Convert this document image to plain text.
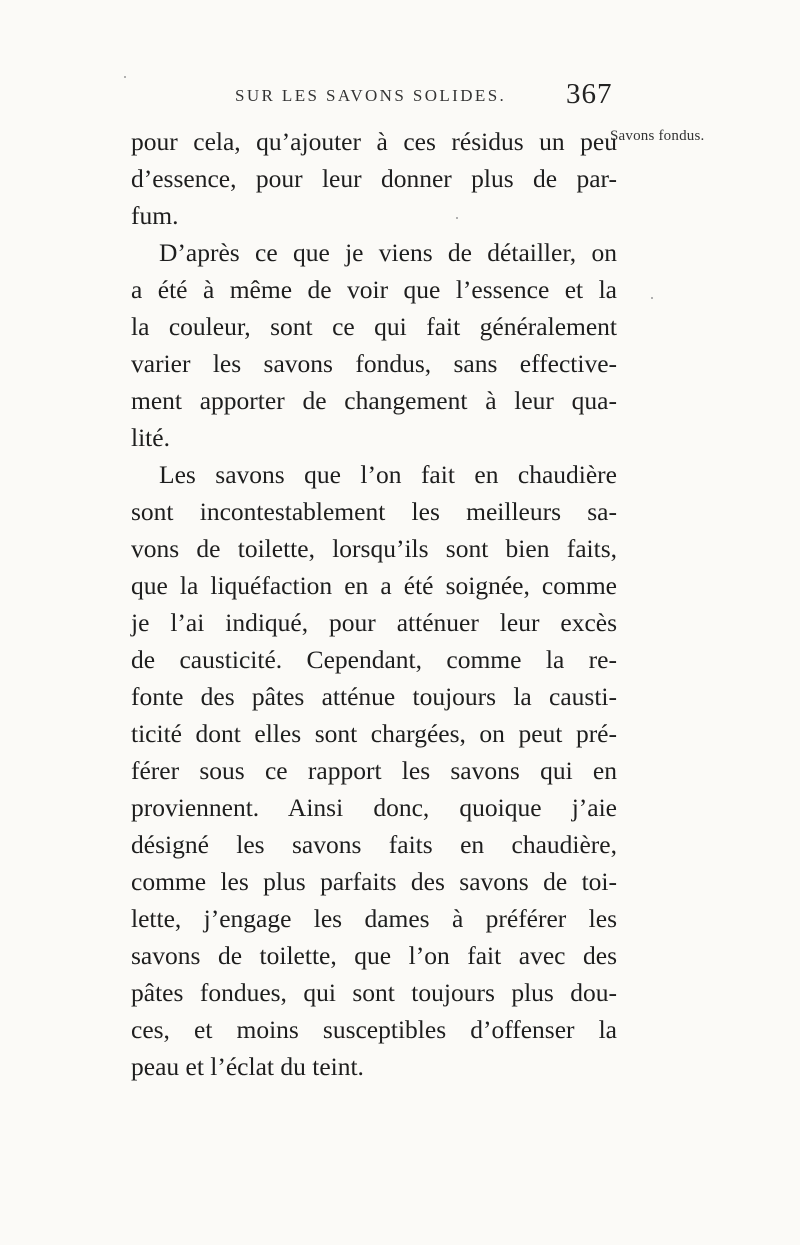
SUR LES SAVONS SOLIDES. 367
Savons fondus.
pour cela, qu’ajouter à ces résidus un peu
d’essence, pour leur donner plus de par-
fum.
D’après ce que je viens de détailler, on
a été à même de voir que l’essence et la
la couleur, sont ce qui fait généralement
varier les savons fondus, sans effective-
ment apporter de changement à leur qua-
lité.
Les savons que l’on fait en chaudière
sont incontestablement les meilleurs sa-
vons de toilette, lorsqu’ils sont bien faits,
que la liquéfaction en a été soignée, comme
je l’ai indiqué, pour atténuer leur excès
de causticité. Cependant, comme la re-
fonte des pâtes atténue toujours la causti-
ticité dont elles sont chargées, on peut pré-
férer sous ce rapport les savons qui en
proviennent. Ainsi donc, quoique j’aie
désigné les savons faits en chaudière,
comme les plus parfaits des savons de toi-
lette, j’engage les dames à préférer les
savons de toilette, que l’on fait avec des
pâtes fondues, qui sont toujours plus dou-
ces, et moins susceptibles d’offenser la
peau et l’éclat du teint.
